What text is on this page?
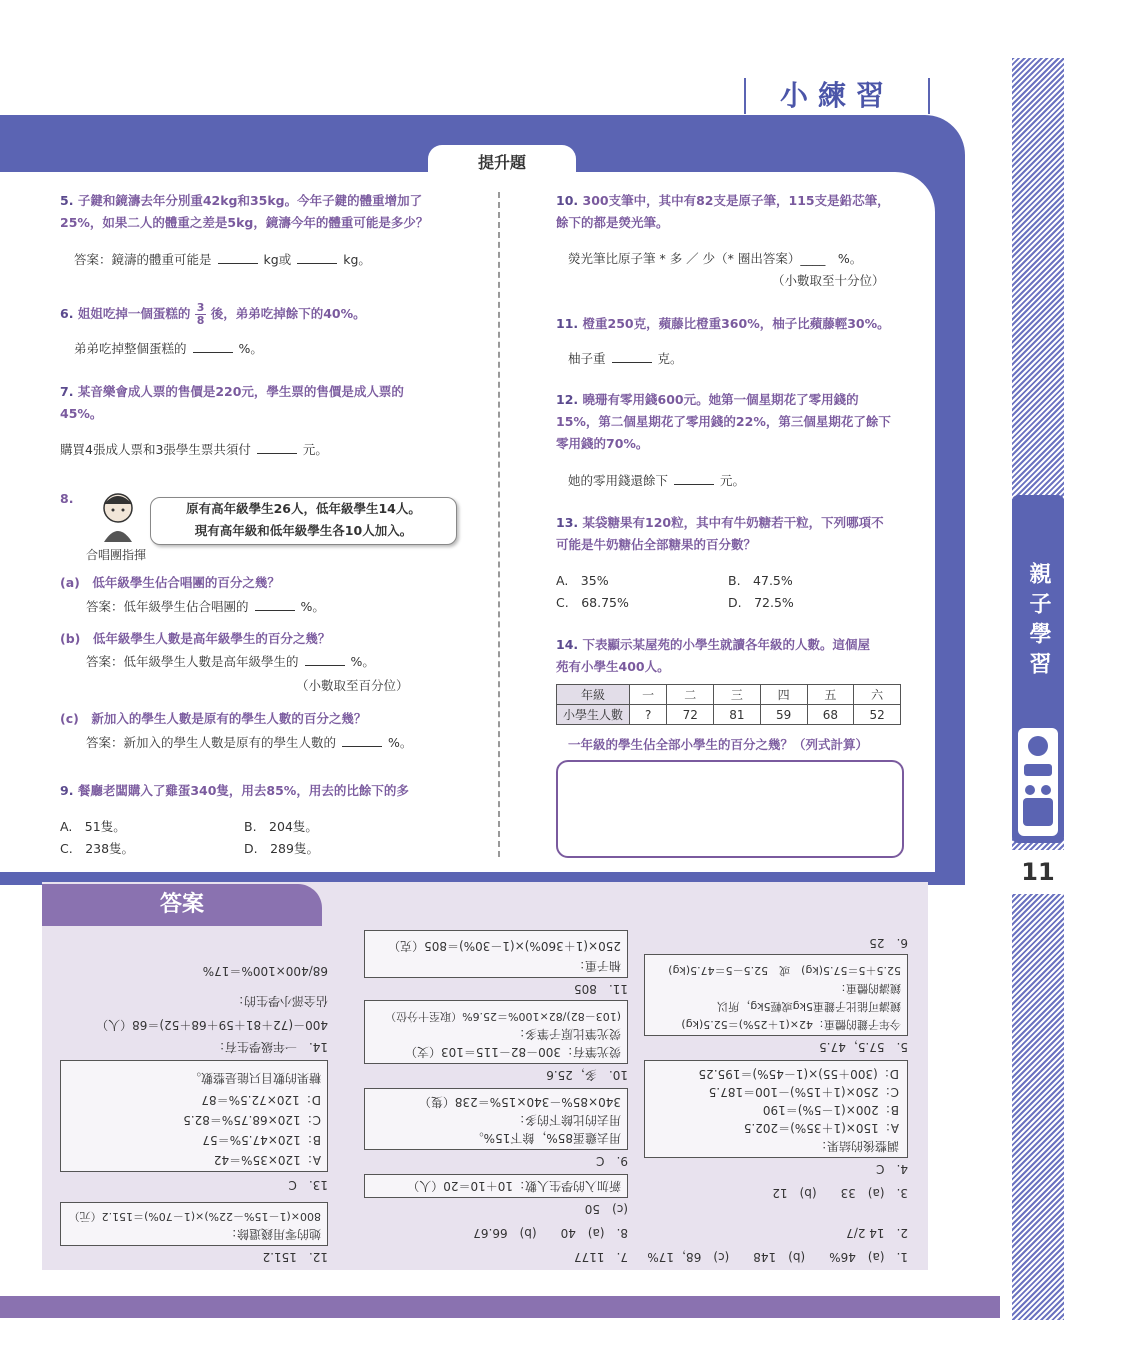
小練習
親子學習
11
提升題
5. 子鍵和鏡濤去年分別重42kg和35kg。今年子鍵的體重增加了
25%，如果二人的體重之差是5kg，鏡濤今年的體重可能是多少？
答案：鏡濤的體重可能是	kg或	kg。
6. 姐姐吃掉一個蛋糕的 $\frac{3}{8}$ 後，弟弟吃掉餘下的40%。
弟弟吃掉整個蛋糕的	%。
7. 某音樂會成人票的售價是220元，學生票的售價是成人票的
45%。
購買4張成人票和3張學生票共須付	元。
8.
原有高年級學生26人，低年級學生14人。
現有高年級和低年級學生各10人加入。
合唱團指揮
(a)　 低年級學生佔合唱團的百分之幾？
答案：低年級學生佔合唱團的	%。
(b)　 低年級學生人數是高年級學生的百分之幾？
答案：低年級學生人數是高年級學生的	%。
（小數取至百分位）
(c)　 新加入的學生人數是原有的學生人數的百分之幾？
答案：新加入的學生人數是原有的學生人數的	%。
9. 餐廳老闆購入了雞蛋340隻，用去85%，用去的比餘下的多
A.　51隻。	B.　204隻。
C.　238隻。	D.　289隻。
10. 300支筆中，其中有82支是原子筆，115支是鉛芯筆，
餘下的都是熒光筆。
熒光筆比原子筆 * 多 ／ 少（* 圈出答案）____　%。
（小數取至十分位）
11. 橙重250克，蘋藤比橙重360%，柚子比蘋藤輕30%。
柚子重	克。
12. 曉珊有零用錢600元。她第一個星期花了零用錢的
15%，第二個星期花了零用錢的22%，第三個星期花了餘下
零用錢的70%。
她的零用錢還餘下	元。
13. 某袋糖果有120粒，其中有牛奶糖若干粒，下列哪項不
可能是牛奶糖佔全部糖果的百分數？
A.　35%	B.　47.5%
C.　68.75%	D.　72.5%
14. 下表顯示某屋苑的小學生就讀各年級的人數。這個屋
苑有小學生400人。
年級	一	二	三	四	五	六
小學生人數	?	72	81	59	68	52
一年級的學生佔全部小學生的百分之幾？（列式計算）
答案
1.　(a)　46%　　(b)　148　　(c)　68，17%
2.　14 2/7
3.　(a)　33　　(b)　12
4.　C
調整後的結果：
A：150×(1＋35%)＝202.5
B：200×(1－5%)＝190
C：250×(1＋15%)－100＝187.5
D：(300＋55)×(1－45%)＝195.25
5.　57.5，47.5
今年子鍵的體重：42×(1＋25%)＝52.5(kg)
鏡濤可能比子鍵重5kg或輕5kg，所以
鏡濤的體重：
52.5＋5＝57.5(kg)　或　52.5－5＝47.5(kg)
6.　25
7.　1177
8.　(a)　40　　(b)　66.67
(c)　50
新加入的學生人數：10＋10＝20（人）
9.　C
用去雞蛋85%，餘下15%。
用去的比餘下的多：
340×85%－340×15%＝238（隻）
10.　多，25.6
熒光筆有：300－82－115＝103（支）
熒光筆比原子筆多：
(103－82)/82×100%＝25.6%（取至十分位）
11.　805
柚子重：
250×(1＋360%)×(1－30%)＝805（克）
12.　151.2
她的零用錢還餘：
800×(1－15%－22%)×(1－70%)＝151.2（元）
13.　C
A：120×35%＝42
B：120×47.5%＝57
C：120×68.75%＝82.5
D：120×72.5%＝87
糖果的數目只能是整數。
14.　一年級學生有：
400－(72＋81＋59＋68＋52)＝68（人）
佔全部小學生的：
68/400×100%＝17%
